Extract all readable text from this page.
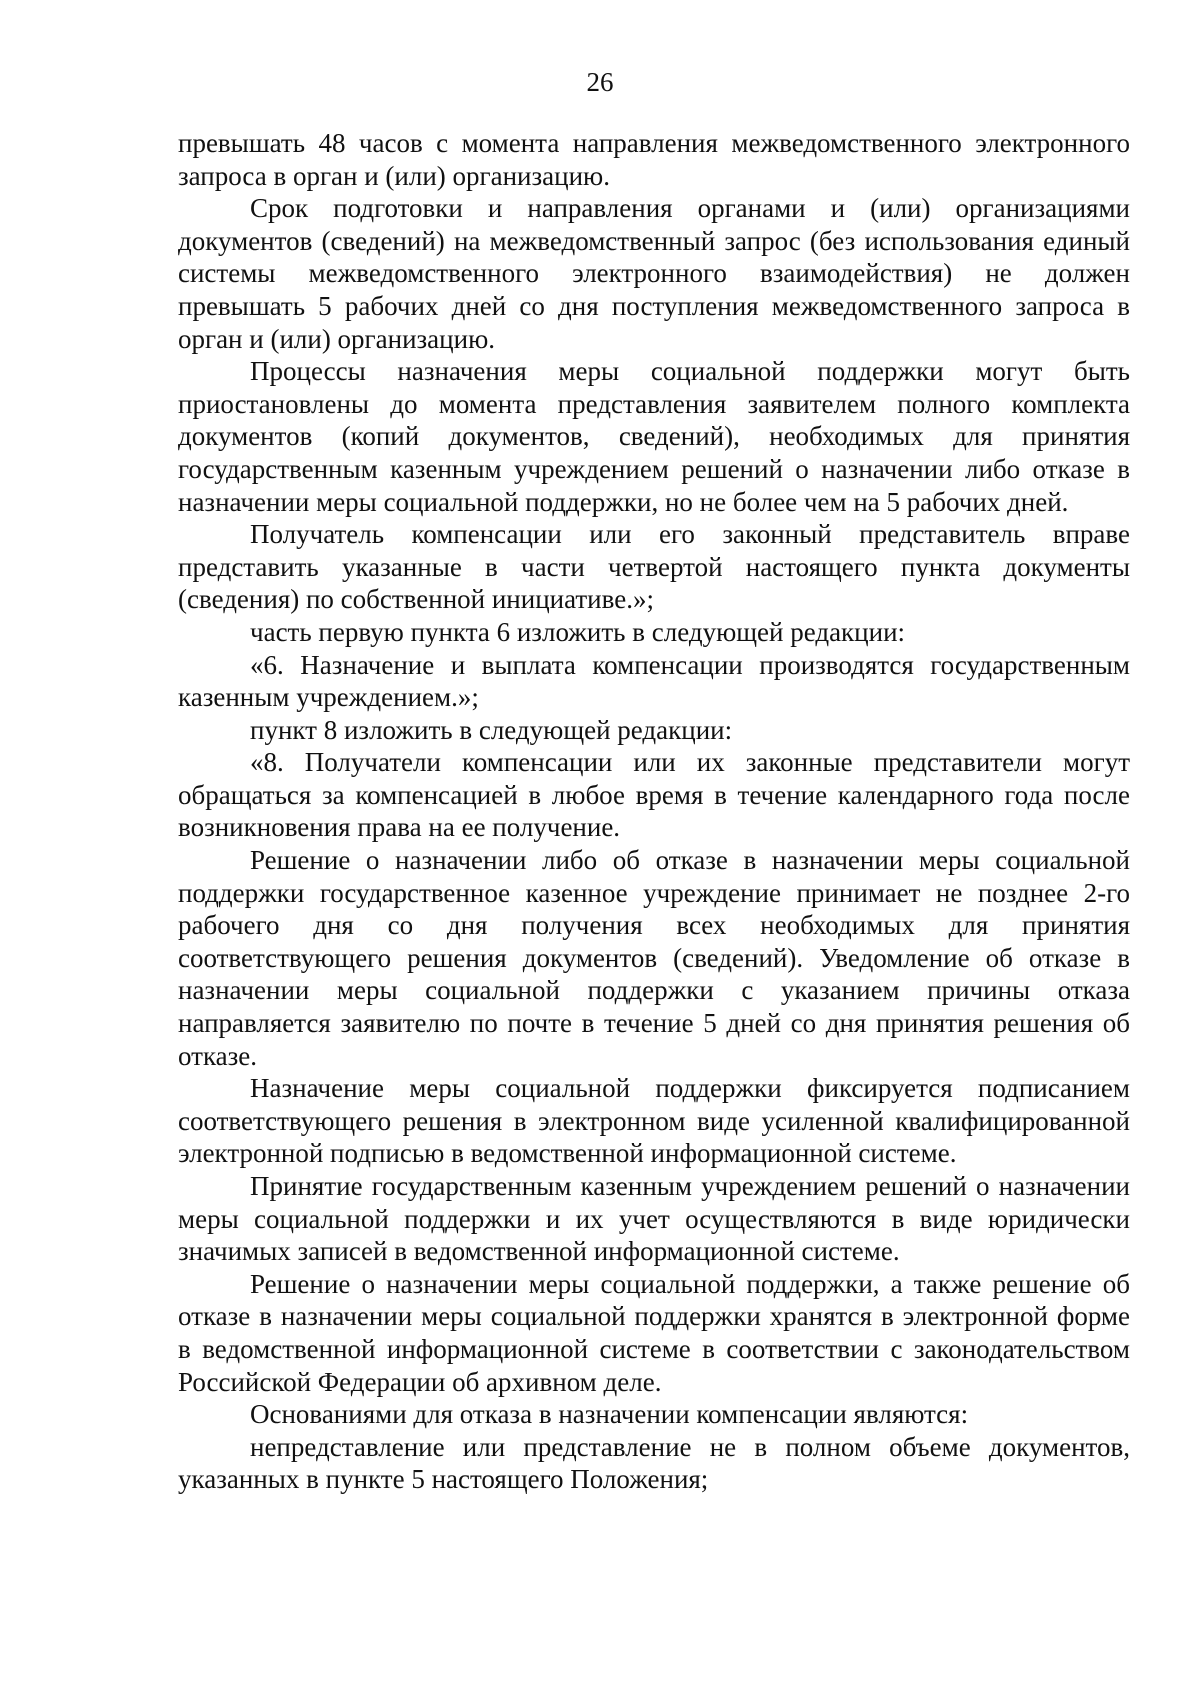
26

превышать 48 часов с момента направления межведомственного электронного запроса в орган и (или) организацию.

Срок подготовки и направления органами и (или) организациями документов (сведений) на межведомственный запрос (без использования единый системы межведомственного электронного взаимодействия) не должен превышать 5 рабочих дней со дня поступления межведомственного запроса в орган и (или) организацию.

Процессы назначения меры социальной поддержки могут быть приостановлены до момента представления заявителем полного комплекта документов (копий документов, сведений), необходимых для принятия государственным казенным учреждением решений о назначении либо отказе в назначении меры социальной поддержки, но не более чем на 5 рабочих дней.

Получатель компенсации или его законный представитель вправе представить указанные в части четвертой настоящего пункта документы (сведения) по собственной инициативе.»;

часть первую пункта 6 изложить в следующей редакции:

«6. Назначение и выплата компенсации производятся государственным казенным учреждением.»;

пункт 8 изложить в следующей редакции:

«8. Получатели компенсации или их законные представители могут обращаться за компенсацией в любое время в течение календарного года после возникновения права на ее получение.

Решение о назначении либо об отказе в назначении меры социальной поддержки государственное казенное учреждение принимает не позднее 2-го рабочего дня со дня получения всех необходимых для принятия соответствующего решения документов (сведений). Уведомление об отказе в назначении меры социальной поддержки с указанием причины отказа направляется заявителю по почте в течение 5 дней со дня принятия решения об отказе.

Назначение меры социальной поддержки фиксируется подписанием соответствующего решения в электронном виде усиленной квалифицированной электронной подписью в ведомственной информационной системе.

Принятие государственным казенным учреждением решений о назначении меры социальной поддержки и их учет осуществляются в виде юридически значимых записей в ведомственной информационной системе.

Решение о назначении меры социальной поддержки, а также решение об отказе в назначении меры социальной поддержки хранятся в электронной форме в ведомственной информационной системе в соответствии с законодательством Российской Федерации об архивном деле.

Основаниями для отказа в назначении компенсации являются:

непредставление или представление не в полном объеме документов, указанных в пункте 5 настоящего Положения;
